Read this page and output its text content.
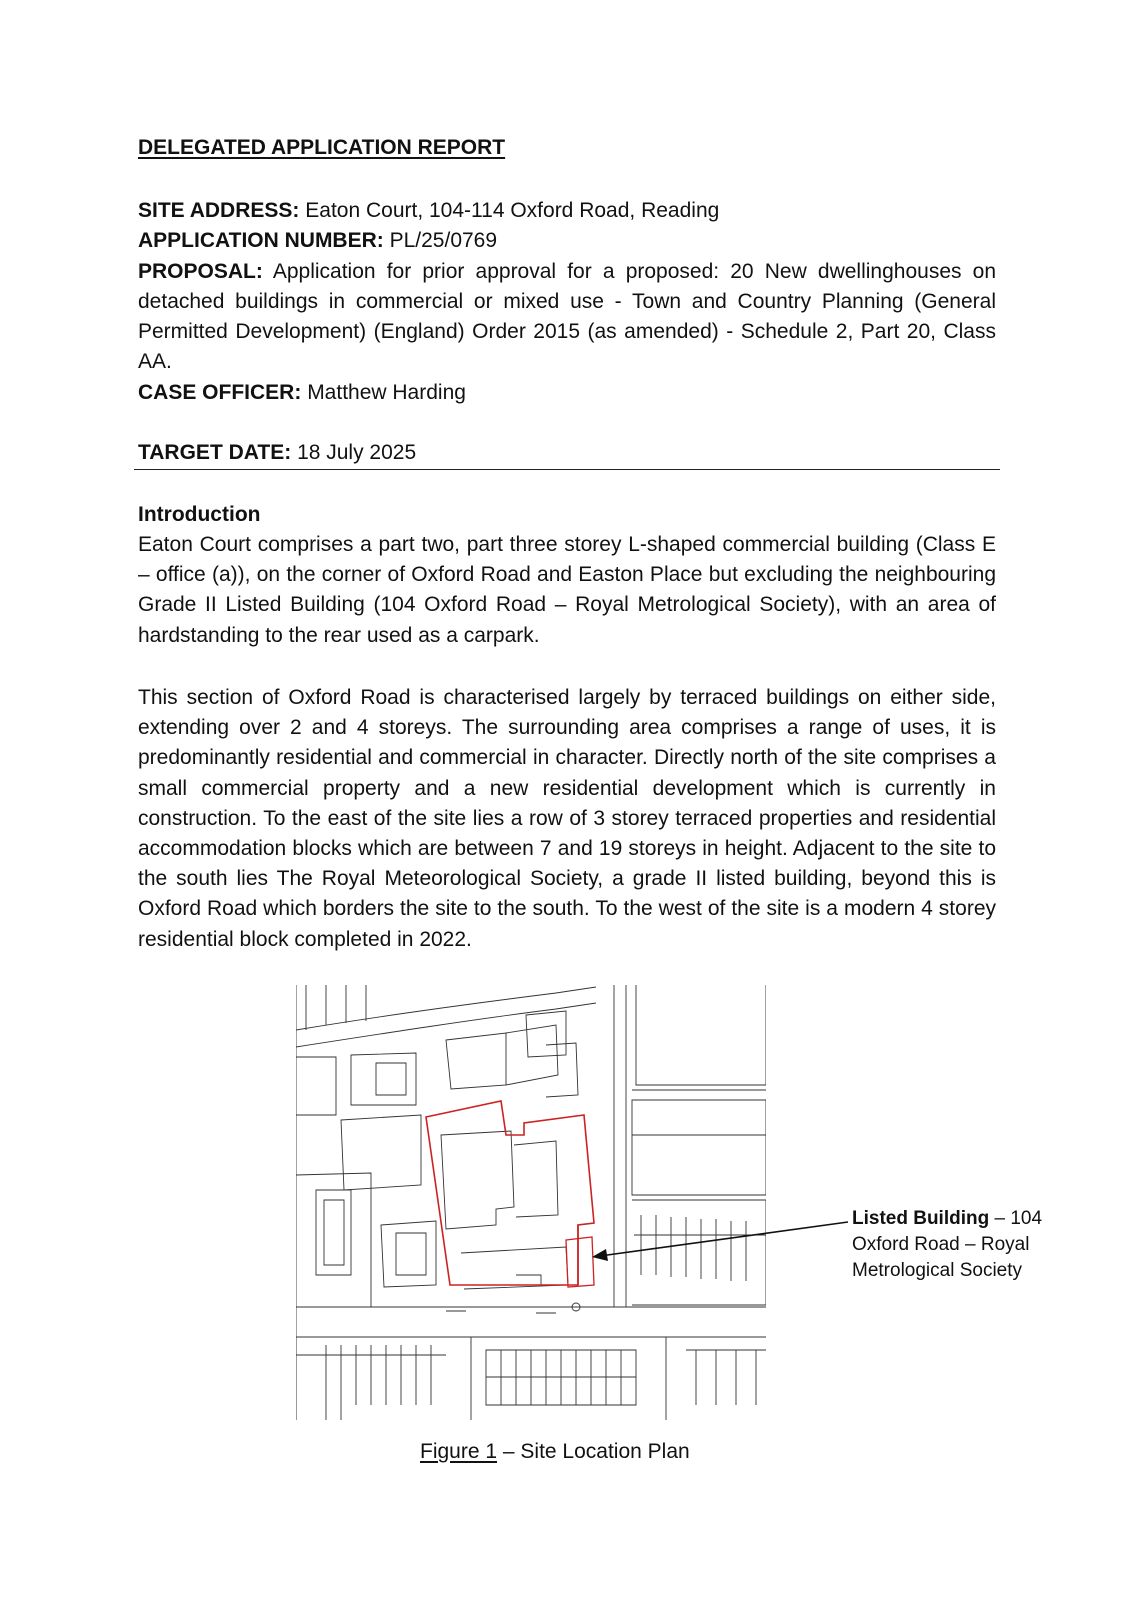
DELEGATED APPLICATION REPORT

SITE ADDRESS: Eaton Court, 104-114 Oxford Road, Reading

APPLICATION NUMBER: PL/25/0769

PROPOSAL: Application for prior approval for a proposed: 20 New dwellinghouses on detached buildings in commercial or mixed use - Town and Country Planning (General Permitted Development) (England) Order 2015 (as amended) - Schedule 2, Part 20, Class AA.

CASE OFFICER: Matthew Harding

TARGET DATE: 18 July 2025
Introduction

Eaton Court comprises a part two, part three storey L-shaped commercial building (Class E – office (a)), on the corner of Oxford Road and Easton Place but excluding the neighbouring Grade II Listed Building (104 Oxford Road – Royal Metrological Society), with an area of hardstanding to the rear used as a carpark.

This section of Oxford Road is characterised largely by terraced buildings on either side, extending over 2 and 4 storeys. The surrounding area comprises a range of uses, it is predominantly residential and commercial in character. Directly north of the site comprises a small commercial property and a new residential development which is currently in construction. To the east of the site lies a row of 3 storey terraced properties and residential accommodation blocks which are between 7 and 19 storeys in height. Adjacent to the site to the south lies The Royal Meteorological Society, a grade II listed building, beyond this is Oxford Road which borders the site to the south. To the west of the site is a modern 4 storey residential block completed in 2022.

Listed Building – 104 Oxford Road – Royal Metrological Society
Figure 1 – Site Location Plan
